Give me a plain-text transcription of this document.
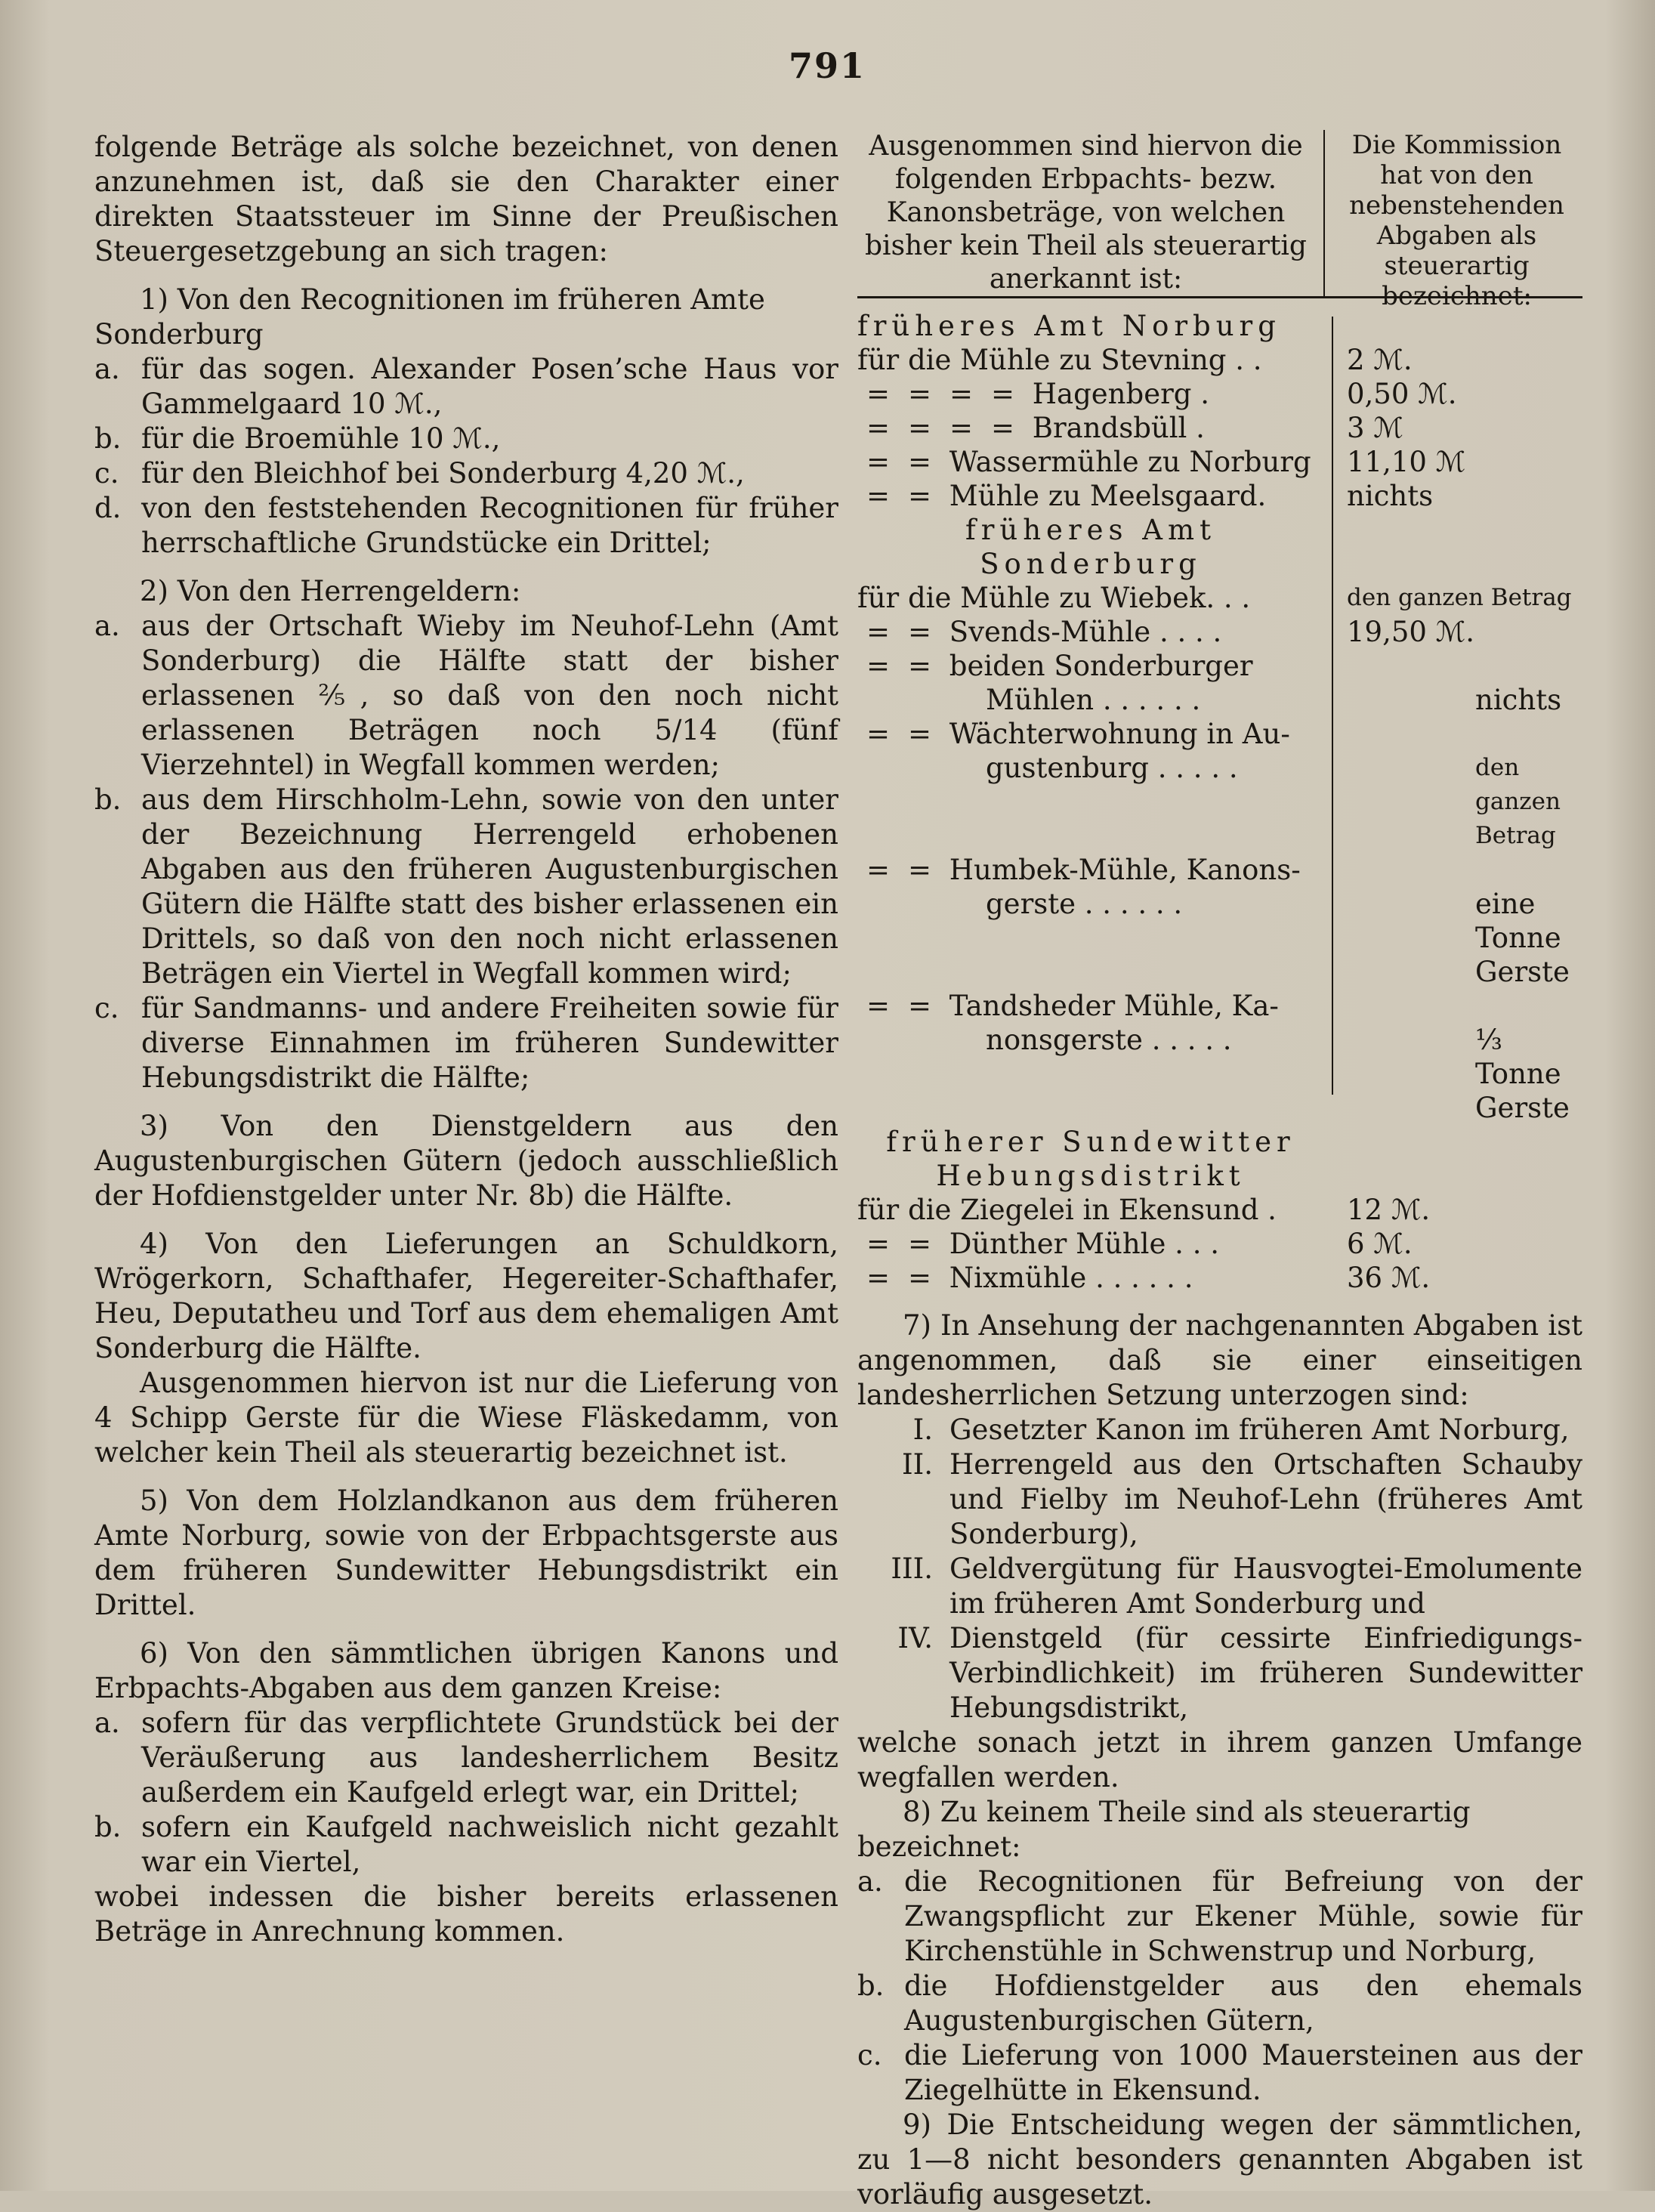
791

folgende Beträge als solche bezeichnet, von denen anzunehmen ist, daß sie den Charakter einer direkten Staatssteuer im Sinne der Preußischen Steuergesetzgebung an sich tragen:

1) Von den Recognitionen im früheren Amte Sonderburg

a. für das sogen. Alexander Posen’sche Haus vor Gammelgaard 10 ℳ.,
b. für die Broemühle 10 ℳ.,
c. für den Bleichhof bei Sonderburg 4,20 ℳ.,
d. von den feststehenden Recognitionen für früher herrschaftliche Grundstücke ein Drittel;

2) Von den Herrengeldern:

a. aus der Ortschaft Wieby im Neuhof-Lehn (Amt Sonderburg) die Hälfte statt der bisher erlassenen ⅖, so daß von den noch nicht erlassenen Beträgen noch 5/14 (fünf Vierzehntel) in Wegfall kommen werden;
b. aus dem Hirschholm-Lehn, sowie von den unter der Bezeichnung Herrengeld erhobenen Abgaben aus den früheren Augustenburgischen Gütern die Hälfte statt des bisher erlassenen ein Drittels, so daß von den noch nicht erlassenen Beträgen ein Viertel in Wegfall kommen wird;
c. für Sandmanns- und andere Freiheiten sowie für diverse Einnahmen im früheren Sundewitter Hebungsdistrikt die Hälfte;

3) Von den Dienstgeldern aus den Augustenburgischen Gütern (jedoch ausschließlich der Hofdienstgelder unter Nr. 8b) die Hälfte.

4) Von den Lieferungen an Schuldkorn, Wrögerkorn, Schafthafer, Hegereiter-Schafthafer, Heu, Deputatheu und Torf aus dem ehemaligen Amt Sonderburg die Hälfte.

Ausgenommen hiervon ist nur die Lieferung von 4 Schipp Gerste für die Wiese Fläskedamm, von welcher kein Theil als steuerartig bezeichnet ist.

5) Von dem Holzlandkanon aus dem früheren Amte Norburg, sowie von der Erbpachtsgerste aus dem früheren Sundewitter Hebungsdistrikt ein Drittel.

6) Von den sämmtlichen übrigen Kanons und Erbpachts-Abgaben aus dem ganzen Kreise:

a. sofern für das verpflichtete Grundstück bei der Veräußerung aus landesherrlichem Besitz außerdem ein Kaufgeld erlegt war, ein Drittel;
b. sofern ein Kaufgeld nachweislich nicht gezahlt war ein Viertel,

wobei indessen die bisher bereits erlassenen Beträge in Anrechnung kommen.

Ausgenommen sind hiervon die folgenden Erbpachts- bezw. Kanonsbeträge, von welchen bisher kein Theil als steuerartig anerkannt ist:
Die Kommission hat von den nebenstehenden Abgaben als steuerartig bezeichnet:
früheres Amt Norburg
für die Mühle zu Stevning . .	2 ℳ.
= = = = Hagenberg .	0,50 ℳ.
= = = = Brandsbüll .	3 ℳ
= = Wassermühle zu Norburg	11,10 ℳ
= = Mühle zu Meelsgaard.	nichts
früheres Amt Sonderburg
für die Mühle zu Wiebek. . .	den ganzen Betrag
= = Svends-Mühle . . . .	19,50 ℳ.
= = beiden Sonderburger
Mühlen . . . . . .	nichts
= = Wächterwohnung in Au-
gustenburg . . . . .	den ganzen Betrag
= = Humbek-Mühle, Kanons-
gerste . . . . . .	eine Tonne Gerste
= = Tandsheder Mühle, Ka-
nonsgerste . . . . .	⅓ Tonne Gerste
früherer Sundewitter Hebungsdistrikt
für die Ziegelei in Ekensund .	12 ℳ.
= = Dünther Mühle . . .	6 ℳ.
= = Nixmühle . . . . . .	36 ℳ.

7) In Ansehung der nachgenannten Abgaben ist angenommen, daß sie einer einseitigen landesherrlichen Setzung unterzogen sind:

I. Gesetzter Kanon im früheren Amt Norburg,
II. Herrengeld aus den Ortschaften Schauby und Fielby im Neuhof-Lehn (früheres Amt Sonderburg),
III. Geldvergütung für Hausvogtei-Emolumente im früheren Amt Sonderburg und
IV. Dienstgeld (für cessirte Einfriedigungs-Verbindlichkeit) im früheren Sundewitter Hebungsdistrikt,

welche sonach jetzt in ihrem ganzen Umfange wegfallen werden.

8) Zu keinem Theile sind als steuerartig bezeichnet:

a. die Recognitionen für Befreiung von der Zwangspflicht zur Ekener Mühle, sowie für Kirchenstühle in Schwenstrup und Norburg,
b. die Hofdienstgelder aus den ehemals Augustenburgischen Gütern,
c. die Lieferung von 1000 Mauersteinen aus der Ziegelhütte in Ekensund.

9) Die Entscheidung wegen der sämmtlichen, zu 1—8 nicht besonders genannten Abgaben ist vorläufig ausgesetzt.
